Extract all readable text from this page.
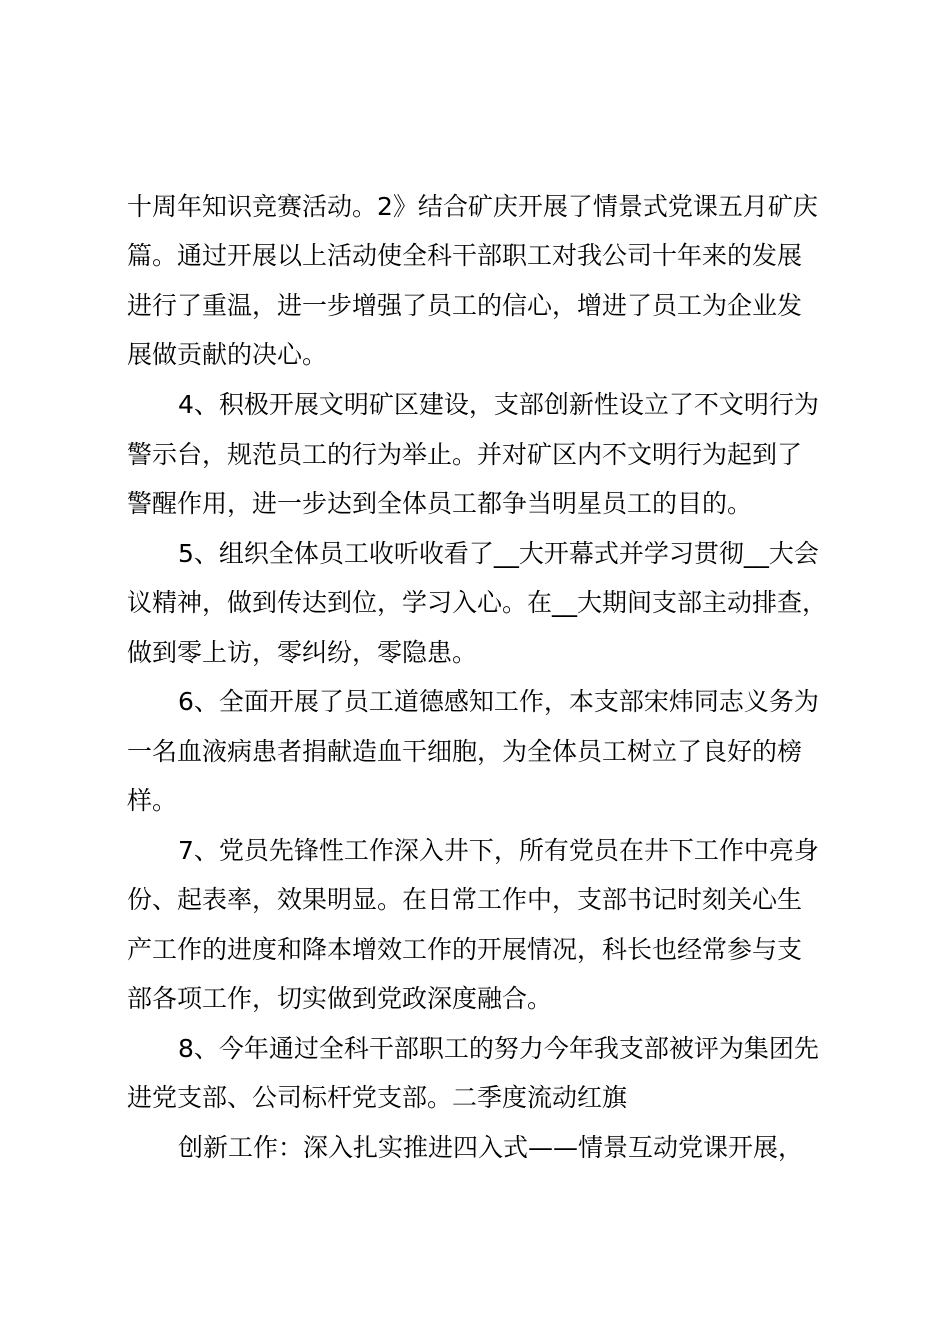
十周年知识竞赛活动。2》结合矿庆开展了情景式党课五月矿庆
篇。通过开展以上活动使全科干部职工对我公司十年来的发展
进行了重温，进一步增强了员工的信心，增进了员工为企业发
展做贡献的决心。
4、积极开展文明矿区建设，支部创新性设立了不文明行为
警示台，规范员工的行为举止。并对矿区内不文明行为起到了
警醒作用，进一步达到全体员工都争当明星员工的目的。
5、组织全体员工收听收看了__大开幕式并学习贯彻__大会
议精神，做到传达到位，学习入心。在__大期间支部主动排查，
做到零上访，零纠纷，零隐患。
6、全面开展了员工道德感知工作，本支部宋炜同志义务为
一名血液病患者捐献造血干细胞，为全体员工树立了良好的榜
样。
7、党员先锋性工作深入井下，所有党员在井下工作中亮身
份、起表率，效果明显。在日常工作中，支部书记时刻关心生
产工作的进度和降本增效工作的开展情况，科长也经常参与支
部各项工作，切实做到党政深度融合。
8、今年通过全科干部职工的努力今年我支部被评为集团先
进党支部、公司标杆党支部。二季度流动红旗
创新工作：深入扎实推进四入式——情景互动党课开展，
